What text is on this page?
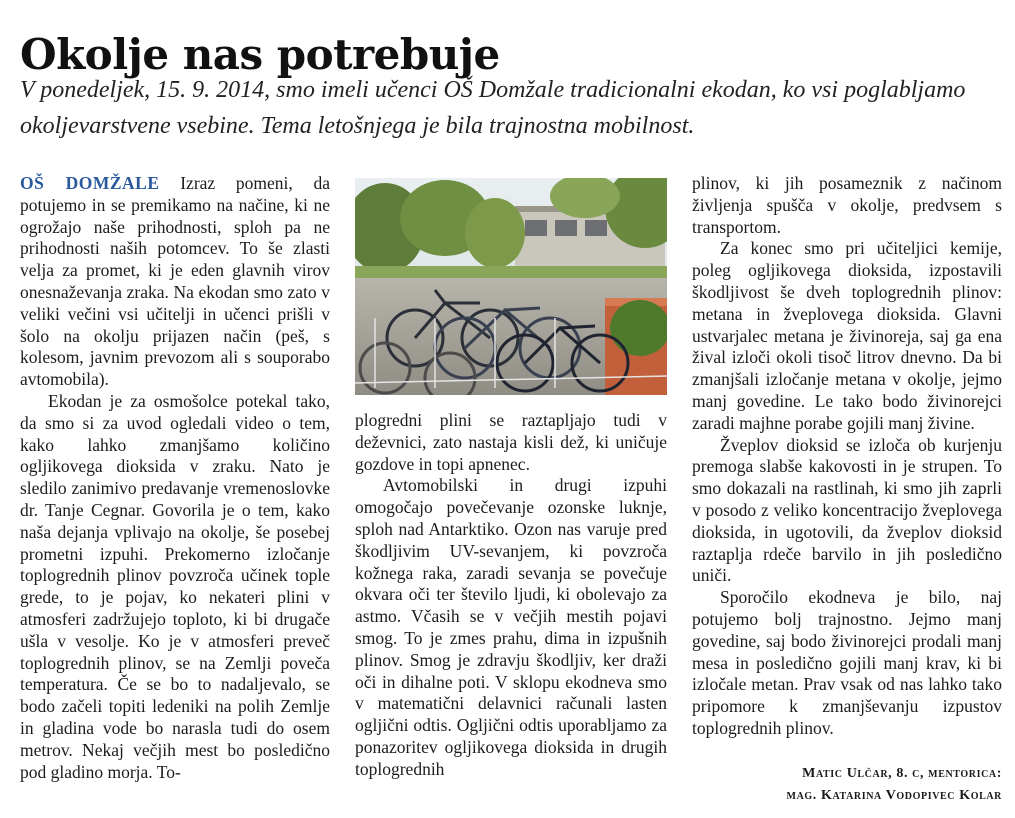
Okolje nas potrebuje
V ponedeljek, 15. 9. 2014, smo imeli učenci OŠ Domžale tradicionalni ekodan, ko vsi poglabljamo okoljevarstvene vsebine. Tema letošnjega je bila trajnostna mobilnost.

OŠ DOMŽALE Izraz pomeni, da potujemo in se premikamo na načine, ki ne ogrožajo naše prihodnosti, sploh pa ne prihodnosti naših potomcev. To še zlasti velja za promet, ki je eden glavnih virov onesnaževanja zraka. Na ekodan smo zato v veliki večini vsi učitelji in učenci prišli v šolo na okolju prijazen način (peš, s kolesom, javnim prevozom ali s souporabo avtomobila).

Ekodan je za osmošolce potekal tako, da smo si za uvod ogledali video o tem, kako lahko zmanjšamo količino ogljikovega dioksida v zraku. Nato je sledilo zanimivo predavanje vremenoslovke dr. Tanje Cegnar. Govorila je o tem, kako naša dejanja vplivajo na okolje, še posebej prometni izpuhi. Prekomerno izločanje toplogrednih plinov povzroča učinek tople grede, to je pojav, ko nekateri plini v atmosferi zadržujejo toploto, ki bi drugače ušla v vesolje. Ko je v atmosferi preveč toplogrednih plinov, se na Zemlji poveča temperatura. Če se bo to nadaljevalo, se bodo začeli topiti ledeniki na polih Zemlje in gladina vode bo narasla tudi do osem metrov. Nekaj večjih mest bo posledično pod gladino morja. To-

plogredni plini se raztapljajo tudi v deževnici, zato nastaja kisli dež, ki uničuje gozdove in topi apnenec.

Avtomobilski in drugi izpuhi omogočajo povečevanje ozonske luknje, sploh nad Antarktiko. Ozon nas varuje pred škodljivim UV-sevanjem, ki povzroča kožnega raka, zaradi sevanja se povečuje okvara oči ter število ljudi, ki obolevajo za astmo. Včasih se v večjih mestih pojavi smog. To je zmes prahu, dima in izpušnih plinov. Smog je zdravju škodljiv, ker draži oči in dihalne poti. V sklopu ekodneva smo v matematični delavnici računali lasten ogljični odtis. Ogljični odtis uporabljamo za ponazoritev ogljikovega dioksida in drugih toplogrednih

plinov, ki jih posameznik z načinom življenja spušča v okolje, predvsem s transportom.

Za konec smo pri učiteljici kemije, poleg ogljikovega dioksida, izpostavili škodljivost še dveh toplogrednih plinov: metana in žveplovega dioksida. Glavni ustvarjalec metana je živinoreja, saj ga ena žival izloči okoli tisoč litrov dnevno. Da bi zmanjšali izločanje metana v okolje, jejmo manj govedine. Le tako bodo živinorejci zaradi majhne porabe gojili manj živine.

Žveplov dioksid se izloča ob kurjenju premoga slabše kakovosti in je strupen. To smo dokazali na rastlinah, ki smo jih zaprli v posodo z veliko koncentracijo žveplovega dioksida, in ugotovili, da žveplov dioksid raztaplja rdeče barvilo in jih posledično uniči.

Sporočilo ekodneva je bilo, naj potujemo bolj trajnostno. Jejmo manj govedine, saj bodo živinorejci prodali manj mesa in posledično gojili manj krav, ki bi izločale metan. Prav vsak od nas lahko tako pripomore k zmanjševanju izpustov toplogrednih plinov.

Matic Ulčar, 8. c, mentorica:
mag. Katarina Vodopivec Kolar
